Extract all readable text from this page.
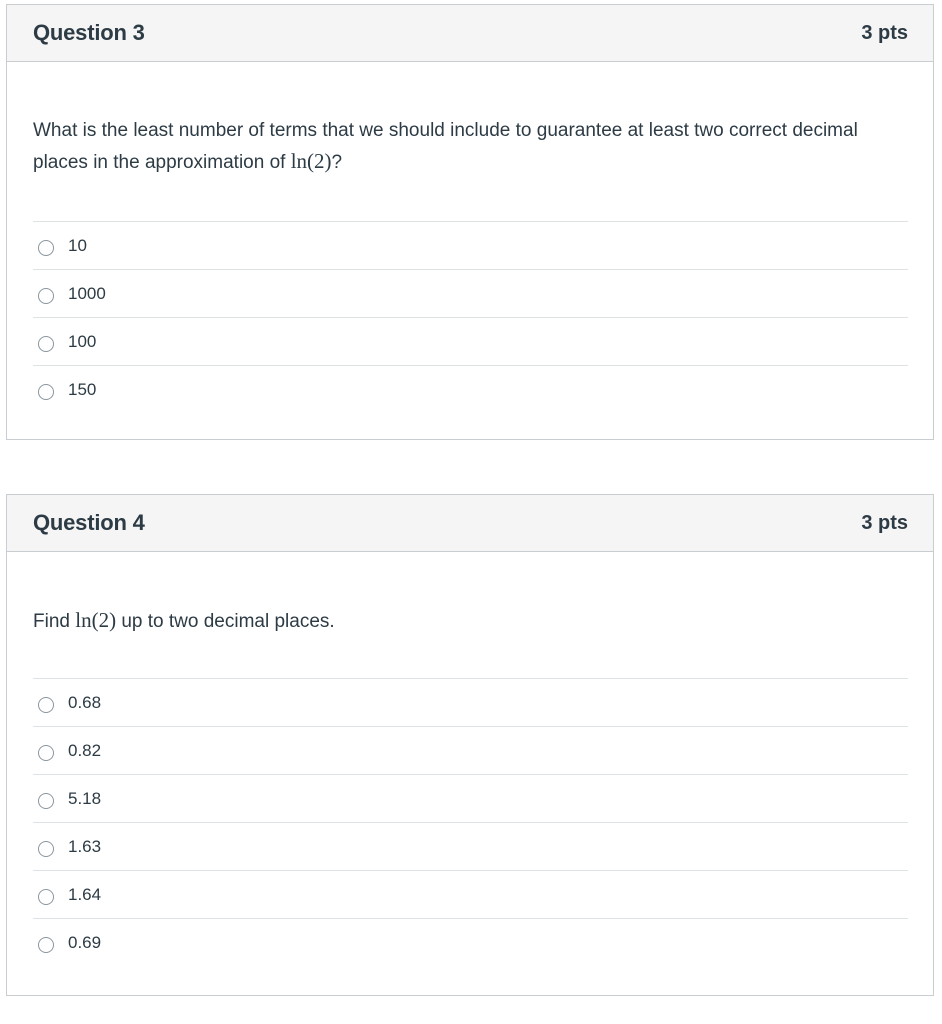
Question 3	3 pts

What is the least number of terms that we should include to guarantee at least two correct decimal places in the approximation of ln(2)?

10
1000
100
150
Question 4	3 pts

Find ln(2) up to two decimal places.

0.68
0.82
5.18
1.63
1.64
0.69
